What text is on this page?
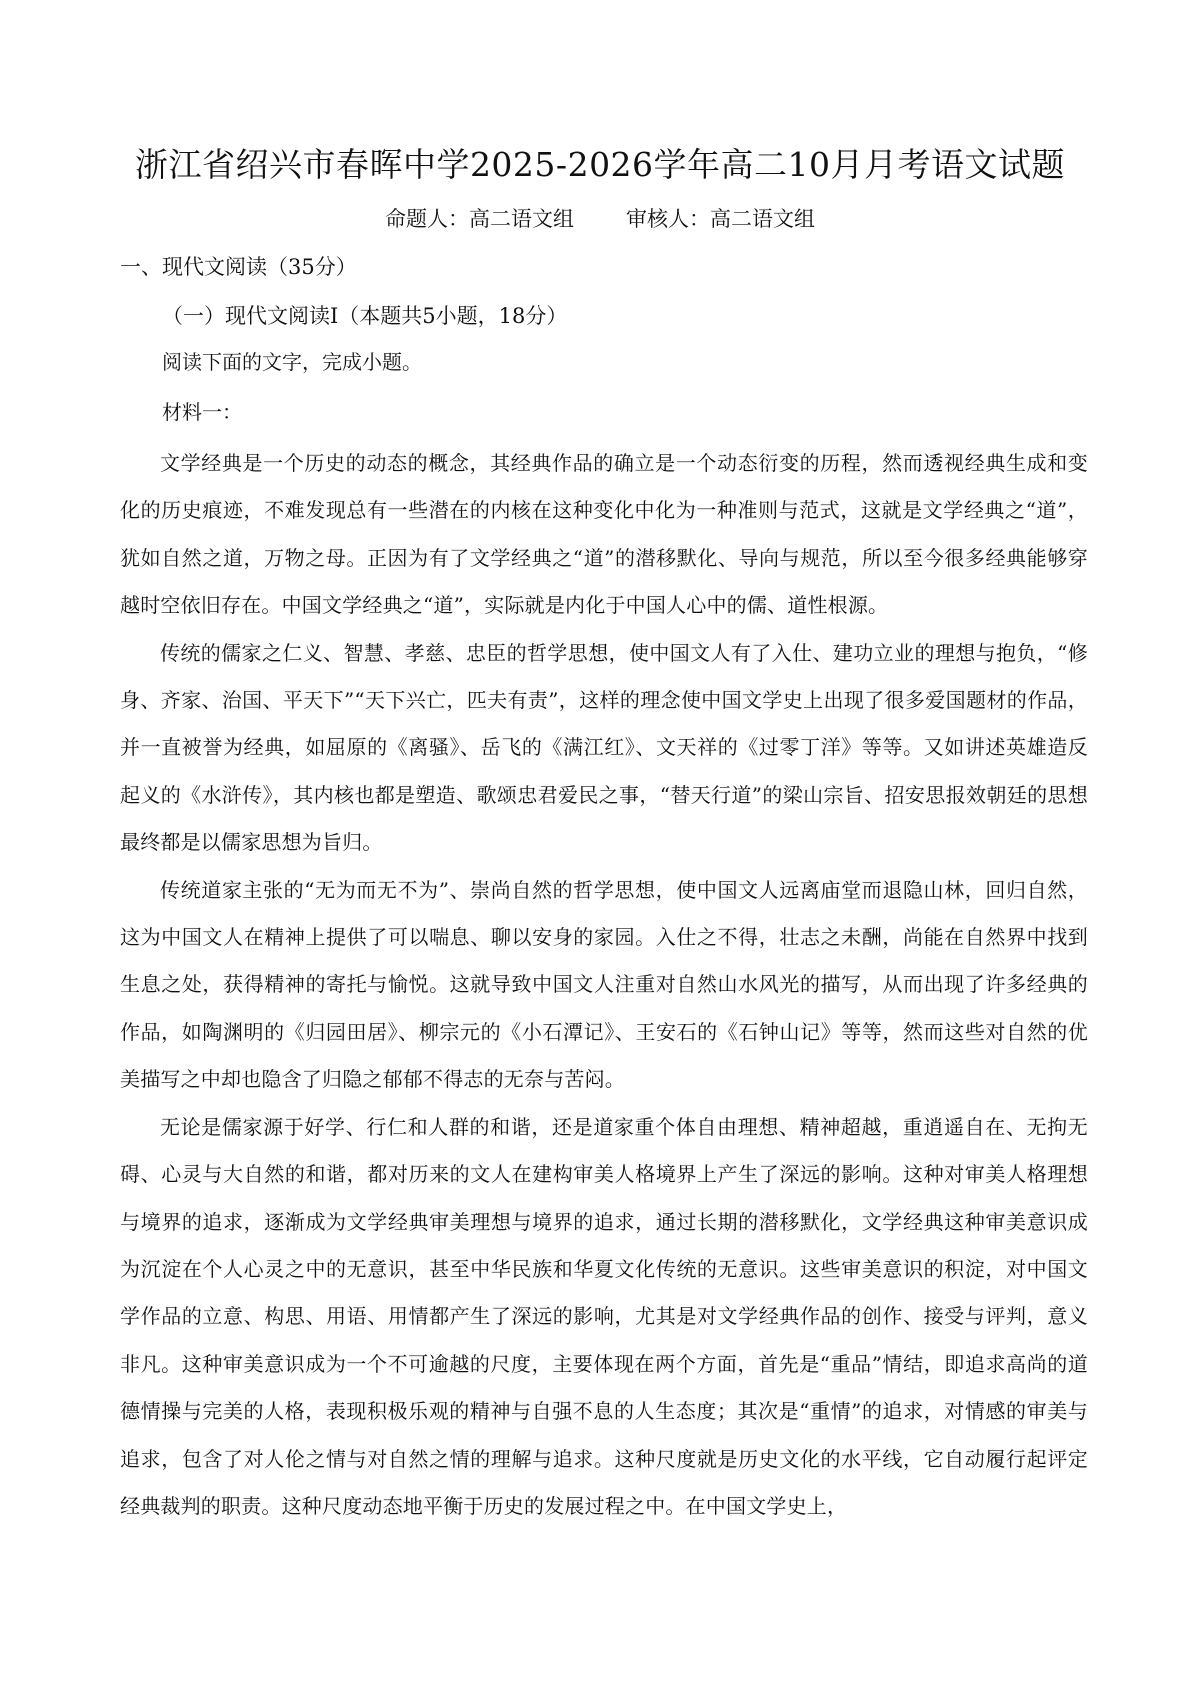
浙江省绍兴市春晖中学2025-2026学年高二10月月考语文试题
命题人：高二语文组 审核人：高二语文组
一、现代文阅读（35分）
（一）现代文阅读Ⅰ（本题共5小题，18分）

阅读下面的文字，完成小题。

材料一：

文学经典是一个历史的动态的概念，其经典作品的确立是一个动态衍变的历程，然而透视经典生成和变化的历史痕迹，不难发现总有一些潜在的内核在这种变化中化为一种准则与范式，这就是文学经典之“道”，犹如自然之道，万物之母。正因为有了文学经典之“道”的潜移默化、导向与规范，所以至今很多经典能够穿越时空依旧存在。中国文学经典之“道”，实际就是内化于中国人心中的儒、道性根源。

传统的儒家之仁义、智慧、孝慈、忠臣的哲学思想，使中国文人有了入仕、建功立业的理想与抱负，“修身、齐家、治国、平天下”“天下兴亡，匹夫有责”，这样的理念使中国文学史上出现了很多爱国题材的作品，并一直被誉为经典，如屈原的《离骚》、岳飞的《满江红》、文天祥的《过零丁洋》等等。又如讲述英雄造反起义的《水浒传》，其内核也都是塑造、歌颂忠君爱民之事，“替天行道”的梁山宗旨、招安思报效朝廷的思想最终都是以儒家思想为旨归。

传统道家主张的“无为而无不为”、崇尚自然的哲学思想，使中国文人远离庙堂而退隐山林，回归自然，这为中国文人在精神上提供了可以喘息、聊以安身的家园。入仕之不得，壮志之未酬，尚能在自然界中找到生息之处，获得精神的寄托与愉悦。这就导致中国文人注重对自然山水风光的描写，从而出现了许多经典的作品，如陶渊明的《归园田居》、柳宗元的《小石潭记》、王安石的《石钟山记》等等，然而这些对自然的优美描写之中却也隐含了归隐之郁郁不得志的无奈与苦闷。

无论是儒家源于好学、行仁和人群的和谐，还是道家重个体自由理想、精神超越，重逍遥自在、无拘无碍、心灵与大自然的和谐，都对历来的文人在建构审美人格境界上产生了深远的影响。这种对审美人格理想与境界的追求，逐渐成为文学经典审美理想与境界的追求，通过长期的潜移默化，文学经典这种审美意识成为沉淀在个人心灵之中的无意识，甚至中华民族和华夏文化传统的无意识。这些审美意识的积淀，对中国文学作品的立意、构思、用语、用情都产生了深远的影响，尤其是对文学经典作品的创作、接受与评判，意义非凡。这种审美意识成为一个不可逾越的尺度，主要体现在两个方面，首先是“重品”情结，即追求高尚的道德情操与完美的人格，表现积极乐观的精神与自强不息的人生态度；其次是“重情”的追求，对情感的审美与追求，包含了对人伦之情与对自然之情的理解与追求。这种尺度就是历史文化的水平线，它自动履行起评定经典裁判的职责。这种尺度动态地平衡于历史的发展过程之中。在中国文学史上，
